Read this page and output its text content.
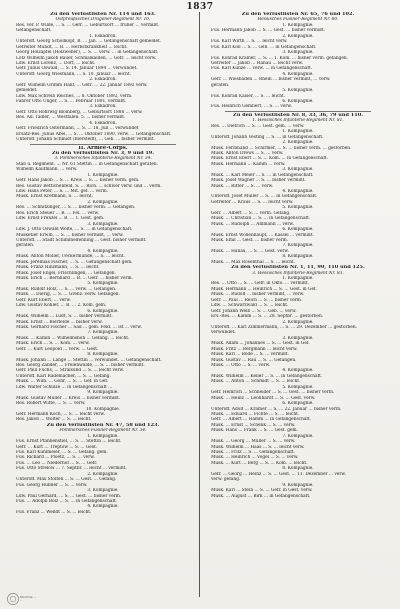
1837
Zu den Verlustlisten Nr. 114 und 163.
Ostpreußisches Dragoner-Regiment Nr. 10.
Res. ver. P. Wilde, ... S. ... Gefr. ... Geburtsort ... früher ... vermißt.
Gefangenschaft.
1. Eskadron.
Unteroff. Georg Schöllkopf, B. ... Jan. ... Gefangenschaft gemeldet.
Gefreiter Mundt, ... B. ... Herbstkrankheit ... leicht.
Georg Holzapfel (Holzweber), ... S. ... verw. ... in Gefangenschaft.
Lotz Wilhelm Jakob Bauer, Schmalkalden, ... Gefr. ... leicht verw.
Ldw. Ernst Lorenz, ... Dorf, ... leicht.
Gefr. Julius Oswald, ... S. 14. Januar 1894 ... verwundet.
Unteroff. Georg Wiesmann, ... S. 10. Januar ... leicht.
2. Eskadron.
Gefr. Wilhelm Grimm Hanf, ... Gefr. ... 22. Januar 1892 verw.
gemeldet.
Ldw. Max Schreib Reiches, ... 8. Oktober 1892, verm.
Fahrer Otto Unger, ... S. ... Februar 1891, vermißt.
3. Eskadron.
Gefr. Otto Röhrwig Blomberg, ... Geburtsort 1888 ... verw.
Res. Ad. Tadler, ... Westfalen. 5. ... bisher vermißt.
4. Eskadron.
Gefr. Friedrich Ostermann, ... S. ... 18. Juli ... verwundet
Ersatz-Res. Julius Abel, ... S. ... Oktober 1890, verw. ... Gefangenschaft.
Unteroff. Johann Schmidt (Bierstedt), ... Geb. ... bisher vermißt.
II. Armee-Corps.
Zu den Verlustlisten Nr. 3, 9 und 19.
3. Pommersches Infanterie-Regiment Nr. 34.
Stab u. Regiment. ... Nr. 61 Stettin ... in Gefangenschaft geraten.
Wilhelm Kaufmann. ... verw.
1. Kompagnie.
Gefr. Hans Jakob ... S. ... Kreis ... S. ... bisher verm. gem.
Res. Gustav Bettichenfeld, S. ... Rich. ... schwer verw. und ... verm.
Ldw. Hans Peter, ... S. ... Mit. gef. ... verm.
Musk. Ernst Kretmann, S. ... leicht.
2. Kompagnie.
Res. ... Schnitzinger, ... S. ... bisher verm. ... Gefangen.
Res. Erich Steuer ... B. ... Fel. ... verw.
Ldw. Ernst Frenzel ... B. ... 1. Gest. gem.
3. Kompagnie.
Ldw. J. Otto Oswald Welte, ... S. ... in Gefangenschaft.
Musketier Erwin, ... S. ... bisher vermißt, ... verw.
Unteroff. ... Stadt Schimmelfenning ... Gest. bisher vermißt.
geraten.
4. Kompagnie.
Musk. Anton Möller, Ueckermünde, ... S. ... leicht.
Musk. Jeremias Fischer, ... S. ... Gefangenschaft gem.
Musk. Franz Hinzmann, ... S. ... leicht.
Musk. Josef Engel, Frischlingen, ... Gefangen.
Musk. Erich ... Bernhard ... B. ... Gefr. ... bisher verm.
5. Kompagnie.
Musk. Rudolf Holz, ... S. ... verw. ... Gefangen.
Musk. ... Dierig, ... S. ... Grenz. verw. Gefangen.
Gefr. Kurt Ebert, ... verw.
Ldw. Gustav Köhler, ... B. ... 2. Kom. gem.
6. Kompagnie.
Musk. Wilhelm ... Lüdt, S. ... bisher vermißt.
Musk. Ernst ... Bierfelde ... bisher verw.
Musk. Gerhard Fischer ... Sad ... gem. Feld. ... ist ... verw.
7. Kompagnie.
Musk. ... Kamin ... Wilhelmshoh ... Gefang. ... leicht.
Musk. Erich ... S. ... Kom. ... verw.
Gefr. ... Kurt Leopold ... verw. ... Gest.
8. Kompagnie.
Musk. Johann ... Lange ... Stettin ... verwundet. ... Gefangenschaft.
Res. Georg Zander, ... Freienwalde, ... S. ... bisher vermißt.
Gefr. Paul Fuchs, ... Stralsund ... S. ... leicht verw.
Unteroff. Karl Rademacher, ... S. ... Gefang.
Musk. ... Wilh. ... Gohr, ... S. ... Gef. in Gef.
Ldw. Walter Schulze ... in Gefangenschaft ...
9. Kompagnie.
Musk. Gustav Müller ... Kreis ... bisher vermißt.
Res. Robert Witte, ... S. ... verw.
10. Kompagnie.
Gefr. Hermann Koch, ... S. ... leicht verw.
Res. Jakob ... Wolter ... S. ... leicht.
Zu den Verlustlisten Nr. 47, 58 und 123.
Pommersches Füsilier-Regiment Nr. 34.
1. Kompagnie.
Füs. Ernst Pfannenstiel, ... S. ... Stettin ... leicht.
Gefr. ... Kurt ... Treptow ... S. ... Gest.
Füs. Karl Kuhlmeier, ... S. ... Gefang. gem.
Füs. Richard ... Ploetz, ... S. ... verw.
Füs. ... Leo ... Niederhof ... S. ... Gefr.
Füs. Otto Strelow ... 7. Septbr. ... leicht ... vermißt.
2. Kompagnie.
Unteroff. Max Stolten ... S. ... Gest. ... Gefang.
Füs. Georg Hübner ... S. ... verw.
3. Kompagnie.
Ldw. Paul Gerhard, ... S. ... Gest. ... bisher verm.
Füs. ... Adolph Bolz ... S. ... in Gefangenschaft.
4. Kompagnie.
Füs. Franz ... Wendt ... S. ... leicht.
Zu den Verlustlisten Nr. 65, 76 und 102.
Hessisches Füsilier-Regiment Nr. 80.
1. Kompagnie.
Füs. Hermann Jakob ... S. ... Gest. ... bisher vermißt.
2. Kompagnie.
Füs. Karl Wirth ... S. ... leicht verw.
Füs. Karl Koll ... S. ... Geb. ... in Gefangenschaft.
3. Kompagnie.
Füs. Konrad Krämer, ... S. ... 1. Kom. ... bisher verm. gefangen.
Gefreiter ... Jakob ... Hanau ... leicht verw.
Füs. Karl Kunze ... verw. ... in Gefangenschaft.
4. Kompagnie.
Gefr. ... Wiesbaden ... Rhein ... bisher vermißt, ... verw.
geraten.
5. Kompagnie.
Füs. Konrad Kaiser, ... S. ... leicht.
6. Kompagnie.
Füs. Heinrich Gembert, ... S. ... verw.
Zu den Verlustlisten Nr. 8, 33, 36, 79 und 110.
1. Hessisches Infanterie-Regiment Nr. 81.
Res. ... Dietrich ... S. ... Gest. gem. ... verw.
1. Kompagnie.
Unteroff. Johann Vesting ... S. ... in Gefangenschaft.
2. Kompagnie.
Musk. Ferdinand ... Schirmer, ... S. ... bisher verm. ... gestorben.
Musk. Anton Drews ... S. ... verw.
Musk. Ernst Ebert ... S. ... Kom. ... in Gefangenschaft.
Musk. Hermann ... Kamm ... verw.
3. Kompagnie.
Musk. ... Karl Meier ... S. ... in Gefangenschaft.
Musk. Josef Wagner ... S. ... bisher vermißt.
Musk. ... Ritter ... S. ... verw.
4. Kompagnie.
Unteroff. Josef Müller ... S. ... in Gefangenschaft.
Gefreiter ... Kraus ... S. ... leicht verw.
5. Kompagnie.
Gefr. ... Albert ... S. ... verm. Gefang.
Musk. ... Christian ... S. ... in Gefangenschaft.
Musk. ... Rudolph ... Ammann ... verw.
6. Kompagnie.
Musk. Ernst Wollenhaupt, ... Kassel ... vermißt.
Musk. Emil ... Gest. ... bisher verm.
7. Kompagnie.
Musk. ... Hanau, ... S. ... Gest. verw.
8. Kompagnie.
Musk. ... Max Rosenthal ... S. ... leicht.
Zu den Verlustlisten Nr. 1, 11, 90, 110 und 125.
3. Hessisches Infanterie-Regiment Nr. 83.
1. Kompagnie.
Res. ... Otto ... S. ... Gefr. in Okto. ... vermißt.
Musk. Hermann ... Heinrich ... S. ... Gest. in Gef.
Musk. ... Rudolf ... bisher vermißt, ... verw.
Gefr. ... Paul ... Reich ... S. ... bisher verm.
Ldw. ... Schwarzwald ... S. ... leicht.
Gefr. Johann Weiß ... S. ... Geb. ... verw.
Ers.-Res. ... Kamm ... S. ... 28. Septbr. ... gestorben.
2. Kompagnie.
Unteroff. ... Karl Zimmermann, ... S. ... 29. Dezember ... gestorben.
verwundet.
3. Kompagnie.
Musk. Adam ... Johannes ... S. ... Gest. in Gef.
Musk. Fritz ... Bergmann ... leicht verw.
Musk. Karl ... Bode ... S. ... vermißt.
Musk. Gustav ... Rau ... S. ... Gefangen.
Musk. ... Otto ... S. ... verw.
4. Kompagnie.
Musk. Wilhelm ... Keller ... S. ... in Gefangenschaft.
Musk. ... Anton ... Schmidt ... S. ... leicht.
5. Kompagnie.
Gefr. Heinrich ... Schneider ... S. ... Gest. ... bisher verm.
Musk. ... Heinz ... Leonhardt ... S. ... Gest. verw.
6. Kompagnie.
Unteroff. Adolf ... Kramer ... S. ... 22. Januar ... bisher verm.
Musk. ... Eduard ... Fichte ... S. ... leicht.
Gefr. ... Albert ... Hamm ... in Gefangenschaft.
Musk. ... Ernst ... Schenk ... S. ... verw.
Musk. Hans ... Frank ... S. ... Gest. gem.
7. Kompagnie.
Musk. ... Georg ... Müller ... S. ... verw.
Musk. Wilhelm ... Haas ... S. ... leicht verw.
Musk. ... Fritz ... S. ... Gefangenschaft.
Musk. ... Heinrich ... Vogel ... S. ... verw.
Musk. ... Kurt ... Berg ... S. ... Kom. ... leicht.
8. Kompagnie.
Gefr. ... Georg ... Heinz ... S. ... Gest. ... 11. Dezember ... verw.
verw. gefang.
9. Kompagnie.
Musk. Karl ... Stein ... S. ... Gefr. in Gest. verw.
Musk. ... August ... Birk ... in Gefangenschaft.
Bibliothek ...
...
